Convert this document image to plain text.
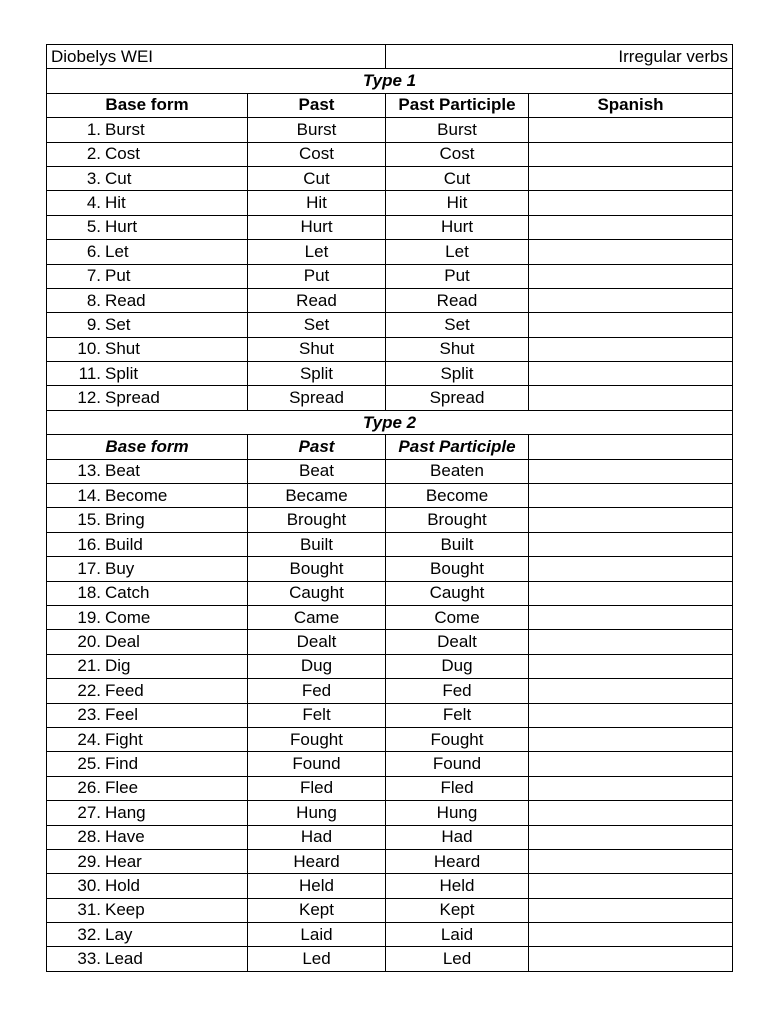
Diobelys WEI		Irregular verbs	
Type 1			
Base form	Past	Past Participle	Spanish
1. Burst	Burst	Burst	
2. Cost	Cost	Cost	
3. Cut	Cut	Cut	
4. Hit	Hit	Hit	
5. Hurt	Hurt	Hurt	
6. Let	Let	Let	
7. Put	Put	Put	
8. Read	Read	Read	
9. Set	Set	Set	
10. Shut	Shut	Shut	
11. Split	Split	Split	
12. Spread	Spread	Spread	
Type 2			
Base form	Past	Past Participle	
13. Beat	Beat	Beaten	
14. Become	Became	Become	
15. Bring	Brought	Brought	
16. Build	Built	Built	
17. Buy	Bought	Bought	
18. Catch	Caught	Caught	
19. Come	Came	Come	
20. Deal	Dealt	Dealt	
21. Dig	Dug	Dug	
22. Feed	Fed	Fed	
23. Feel	Felt	Felt	
24. Fight	Fought	Fought	
25. Find	Found	Found	
26. Flee	Fled	Fled	
27. Hang	Hung	Hung	
28. Have	Had	Had	
29. Hear	Heard	Heard	
30. Hold	Held	Held	
31. Keep	Kept	Kept	
32. Lay	Laid	Laid	
33. Lead	Led	Led	
